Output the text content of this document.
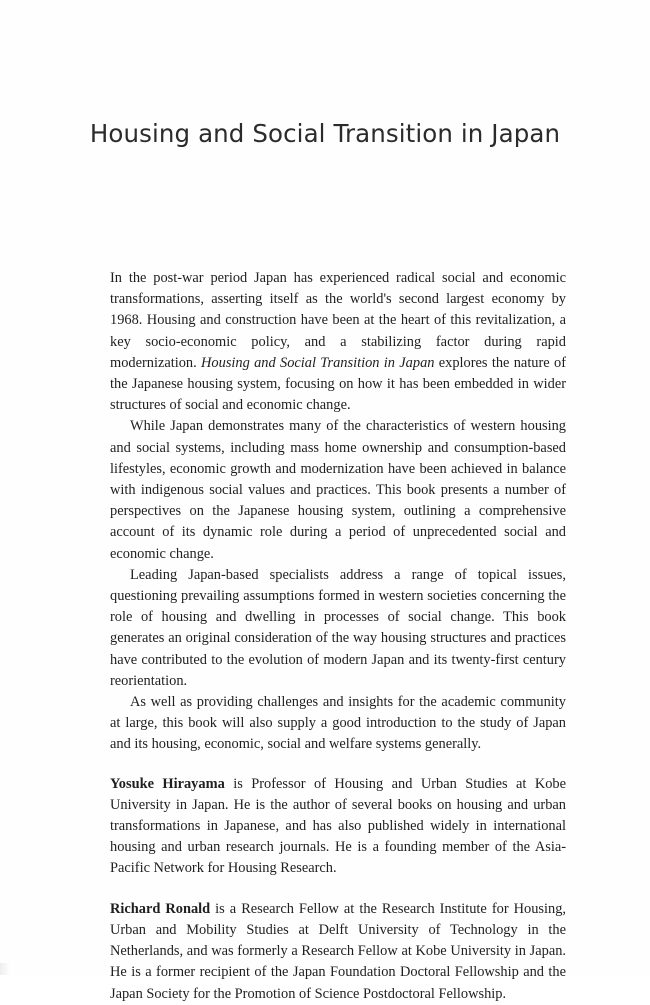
Housing and Social Transition in Japan

In the post-war period Japan has experienced radical social and economic transformations, asserting itself as the world's second largest economy by 1968. Housing and construction have been at the heart of this revitalization, a key socio-economic policy, and a stabilizing factor during rapid modernization. Housing and Social Transition in Japan explores the nature of the Japanese housing system, focusing on how it has been embedded in wider structures of social and economic change.

While Japan demonstrates many of the characteristics of western housing and social systems, including mass home ownership and consumption-based lifestyles, economic growth and modernization have been achieved in balance with indigenous social values and practices. This book presents a number of perspectives on the Japanese housing system, outlining a comprehensive account of its dynamic role during a period of unprecedented social and economic change.

Leading Japan-based specialists address a range of topical issues, questioning prevailing assumptions formed in western societies concerning the role of housing and dwelling in processes of social change. This book generates an original consideration of the way housing structures and practices have contributed to the evolution of modern Japan and its twenty-first century reorientation.

As well as providing challenges and insights for the academic community at large, this book will also supply a good introduction to the study of Japan and its housing, economic, social and welfare systems generally.

Yosuke Hirayama is Professor of Housing and Urban Studies at Kobe University in Japan. He is the author of several books on housing and urban transformations in Japanese, and has also published widely in international housing and urban research journals. He is a founding member of the Asia-Pacific Network for Housing Research.

Richard Ronald is a Research Fellow at the Research Institute for Housing, Urban and Mobility Studies at Delft University of Technology in the Netherlands, and was formerly a Research Fellow at Kobe University in Japan. He is a former recipient of the Japan Foundation Doctoral Fellowship and the Japan Society for the Promotion of Science Postdoctoral Fellowship.
